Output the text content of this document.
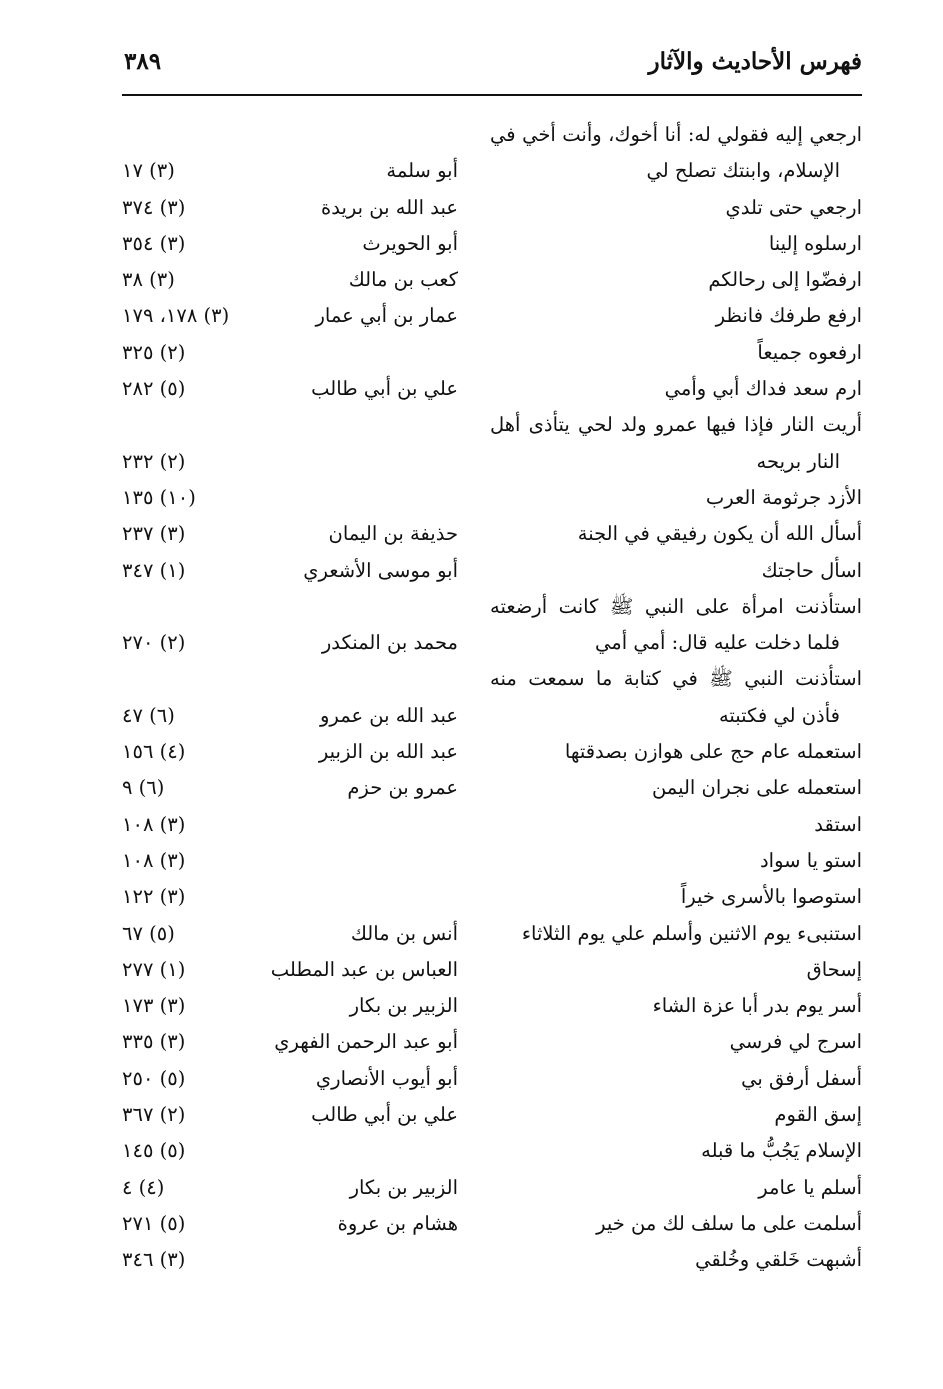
فهرس الأحاديث والآثار
٣٨٩
ارجعي إليه فقولي له: أنا أخوك، وأنت أخي في
الإسلام، وابنتك تصلح لي
أبو سلمة
(٣) ١٧
ارجعي حتى تلدي
عبد الله بن بريدة
(٣) ٣٧٤
ارسلوه إلينا
أبو الحويرث
(٣) ٣٥٤
ارفضّوا إلى رحالكم
كعب بن مالك
(٣) ٣٨
ارفع طرفك فانظر
عمار بن أبي عمار
(٣) ١٧٨، ١٧٩
ارفعوه جميعاً
(٢) ٣٢٥
ارم سعد فداك أبي وأمي
علي بن أبي طالب
(٥) ٢٨٢
أريت النار فإذا فيها عمرو ولد لحي يتأذى أهل
النار بريحه
(٢) ٢٣٢
الأزد جرثومة العرب
(١٠) ١٣٥
أسأل الله أن يكون رفيقي في الجنة
حذيفة بن اليمان
(٣) ٢٣٧
اسأل حاجتك
أبو موسى الأشعري
(١) ٣٤٧
استأذنت امرأة على النبي ﷺ كانت أرضعته
فلما دخلت عليه قال: أمي أمي
محمد بن المنكدر
(٢) ٢٧٠
استأذنت النبي ﷺ في كتابة ما سمعت منه
فأذن لي فكتبته
عبد الله بن عمرو
(٦) ٤٧
استعمله عام حج على هوازن بصدقتها
عبد الله بن الزبير
(٤) ١٥٦
استعمله على نجران اليمن
عمرو بن حزم
(٦) ٩
استقد
(٣) ١٠٨
استو يا سواد
(٣) ١٠٨
استوصوا بالأسرى خيراً
(٣) ١٢٢
استنبىء يوم الاثنين وأسلم علي يوم الثلاثاء
أنس بن مالك
(٥) ٦٧
إسحاق
العباس بن عبد المطلب
(١) ٢٧٧
أسر يوم بدر أبا عزة الشاء
الزبير بن بكار
(٣) ١٧٣
اسرج لي فرسي
أبو عبد الرحمن الفهري
(٣) ٣٣٥
أسفل أرفق بي
أبو أيوب الأنصاري
(٥) ٢٥٠
إسق القوم
علي بن أبي طالب
(٢) ٣٦٧
الإسلام يَجُبُّ ما قبله
(٥) ١٤٥
أسلم يا عامر
الزبير بن بكار
(٤) ٤
أسلمت على ما سلف لك من خير
هشام بن عروة
(٥) ٢٧١
أشبهت خَلقي وخُلقي
(٣) ٣٤٦
